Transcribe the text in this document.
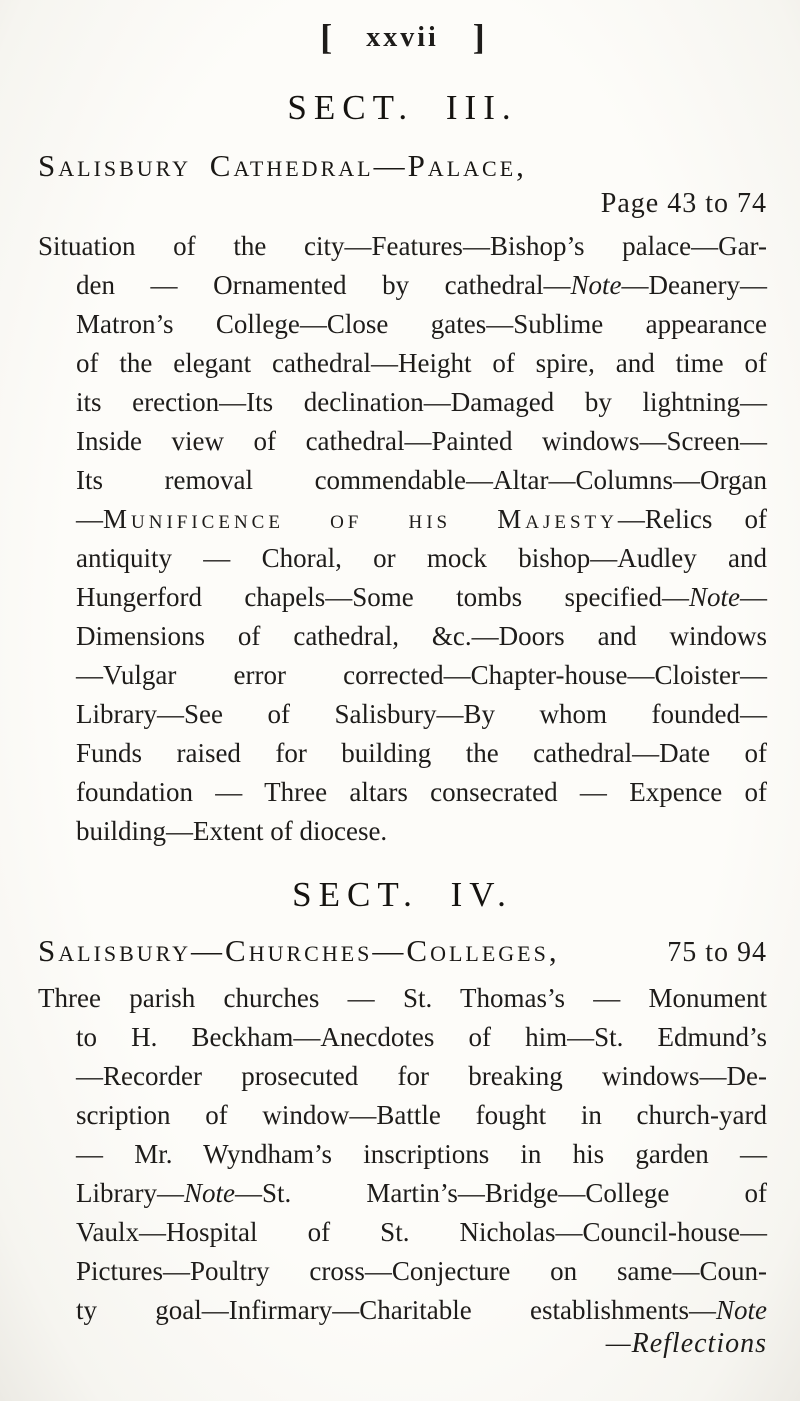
[ xxvii ]
SECT. III.
Salisbury Cathedral—Palace,
Page 43 to 74
Situation of the city—Features—Bishop’s palace—Gar-
den — Ornamented by cathedral—Note—Deanery—
Matron’s College—Close gates—Sublime appearance
of the elegant cathedral—Height of spire, and time of
its erection—Its declination—Damaged by lightning—
Inside view of cathedral—Painted windows—Screen—
Its removal commendable—Altar—Columns—Organ
—Munificence of his Majesty—Relics of
antiquity — Choral, or mock bishop—Audley and
Hungerford chapels—Some tombs specified—Note—
Dimensions of cathedral, &c.—Doors and windows
—Vulgar error corrected—Chapter-house—Cloister—
Library—See of Salisbury—By whom founded—
Funds raised for building the cathedral—Date of
foundation — Three altars consecrated — Expence of
building—Extent of diocese.
SECT. IV.
Salisbury—Churches—Colleges,	75 to 94
Three parish churches — St. Thomas’s — Monument
to H. Beckham—Anecdotes of him—St. Edmund’s
—Recorder prosecuted for breaking windows—De-
scription of window—Battle fought in church-yard
— Mr. Wyndham’s inscriptions in his garden —
Library—Note—St. Martin’s—Bridge—College of
Vaulx—Hospital of St. Nicholas—Council-house—
Pictures—Poultry cross—Conjecture on same—Coun-
ty goal—Infirmary—Charitable establishments—Note
—Reflections
